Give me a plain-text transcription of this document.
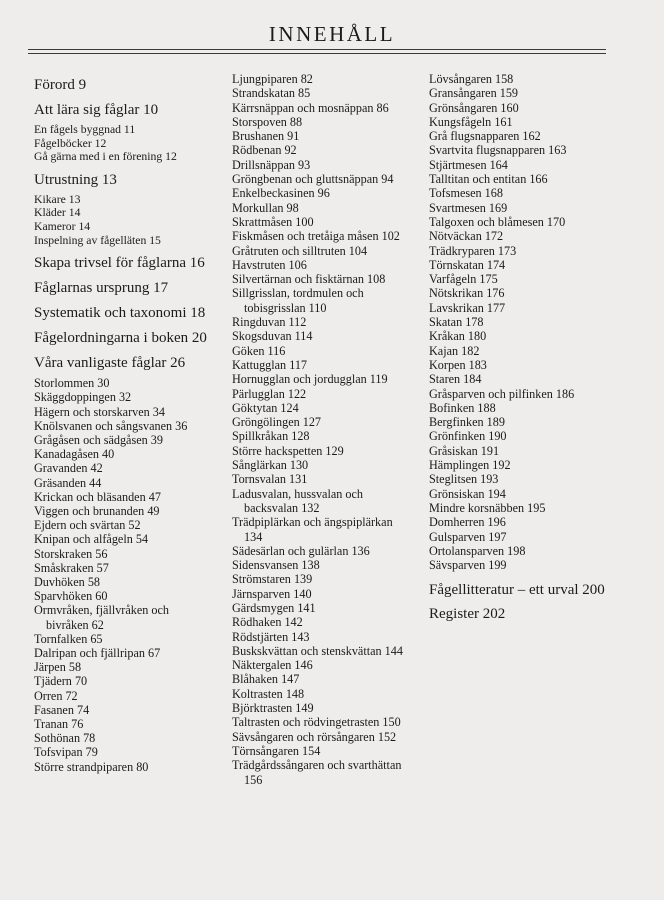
INNEHÅLL
Förord 9
Att lära sig fåglar 10
En fågels byggnad 11
Fågelböcker 12
Gå gärna med i en förening 12
Utrustning 13
Kikare 13
Kläder 14
Kameror 14
Inspelning av fågelläten 15
Skapa trivsel för fåglarna 16
Fåglarnas ursprung 17
Systematik och taxonomi 18
Fågelordningarna i boken 20
Våra vanligaste fåglar 26
Storlommen 30
Skäggdoppingen 32
Hägern och storskarven 34
Knölsvanen och sångsvanen 36
Grågåsen och sädgåsen 39
Kanadagåsen 40
Gravanden 42
Gräsanden 44
Krickan och bläsanden 47
Viggen och brunanden 49
Ejdern och svärtan 52
Knipan och alfågeln 54
Storskraken 56
Småskraken 57
Duvhöken 58
Sparvhöken 60
Ormvråken, fjällvråken och
bivråken 62
Tornfalken 65
Dalripan och fjällripan 67
Järpen 58
Tjädern 70
Orren 72
Fasanen 74
Tranan 76
Sothönan 78
Tofsvipan 79
Större strandpiparen 80
Ljungpiparen 82
Strandskatan 85
Kärrsnäppan och mosnäppan 86
Storspoven 88
Brushanen 91
Rödbenan 92
Drillsnäppan 93
Gröngbenan och gluttsnäppan 94
Enkelbeckasinen 96
Morkullan 98
Skrattmåsen 100
Fiskmåsen och tretåiga måsen 102
Gråtruten och silltruten 104
Havstruten 106
Silvertärnan och fisktärnan 108
Sillgrisslan, tordmulen och
tobisgrisslan 110
Ringduvan 112
Skogsduvan 114
Göken 116
Kattugglan 117
Hornugglan och jordugglan 119
Pärlugglan 122
Göktytan 124
Gröngölingen 127
Spillkråkan 128
Större hackspetten 129
Sånglärkan 130
Tornsvalan 131
Ladusvalan, hussvalan och
backsvalan 132
Trädpiplärkan och ängspiplärkan
134
Sädesärlan och gulärlan 136
Sidensvansen 138
Strömstaren 139
Järnsparven 140
Gärdsmygen 141
Rödhaken 142
Rödstjärten 143
Buskskvättan och stenskvättan 144
Näktergalen 146
Blåhaken 147
Koltrasten 148
Björktrasten 149
Taltrasten och rödvingetrasten 150
Sävsångaren och rörsångaren 152
Törnsångaren 154
Trädgårdssångaren och svarthättan
156
Lövsångaren 158
Gransångaren 159
Grönsångaren 160
Kungsfågeln 161
Grå flugsnapparen 162
Svartvita flugsnapparen 163
Stjärtmesen 164
Talltitan och entitan 166
Tofsmesen 168
Svartmesen 169
Talgoxen och blåmesen 170
Nötväckan 172
Trädkryparen 173
Törnskatan 174
Varfågeln 175
Nötskrikan 176
Lavskrikan 177
Skatan 178
Kråkan 180
Kajan 182
Korpen 183
Staren 184
Gråsparven och pilfinken 186
Bofinken 188
Bergfinken 189
Grönfinken 190
Gråsiskan 191
Hämplingen 192
Steglitsen 193
Grönsiskan 194
Mindre korsnäbben 195
Domherren 196
Gulsparven 197
Ortolansparven 198
Sävsparven 199
Fågellitteratur – ett urval 200
Register 202
